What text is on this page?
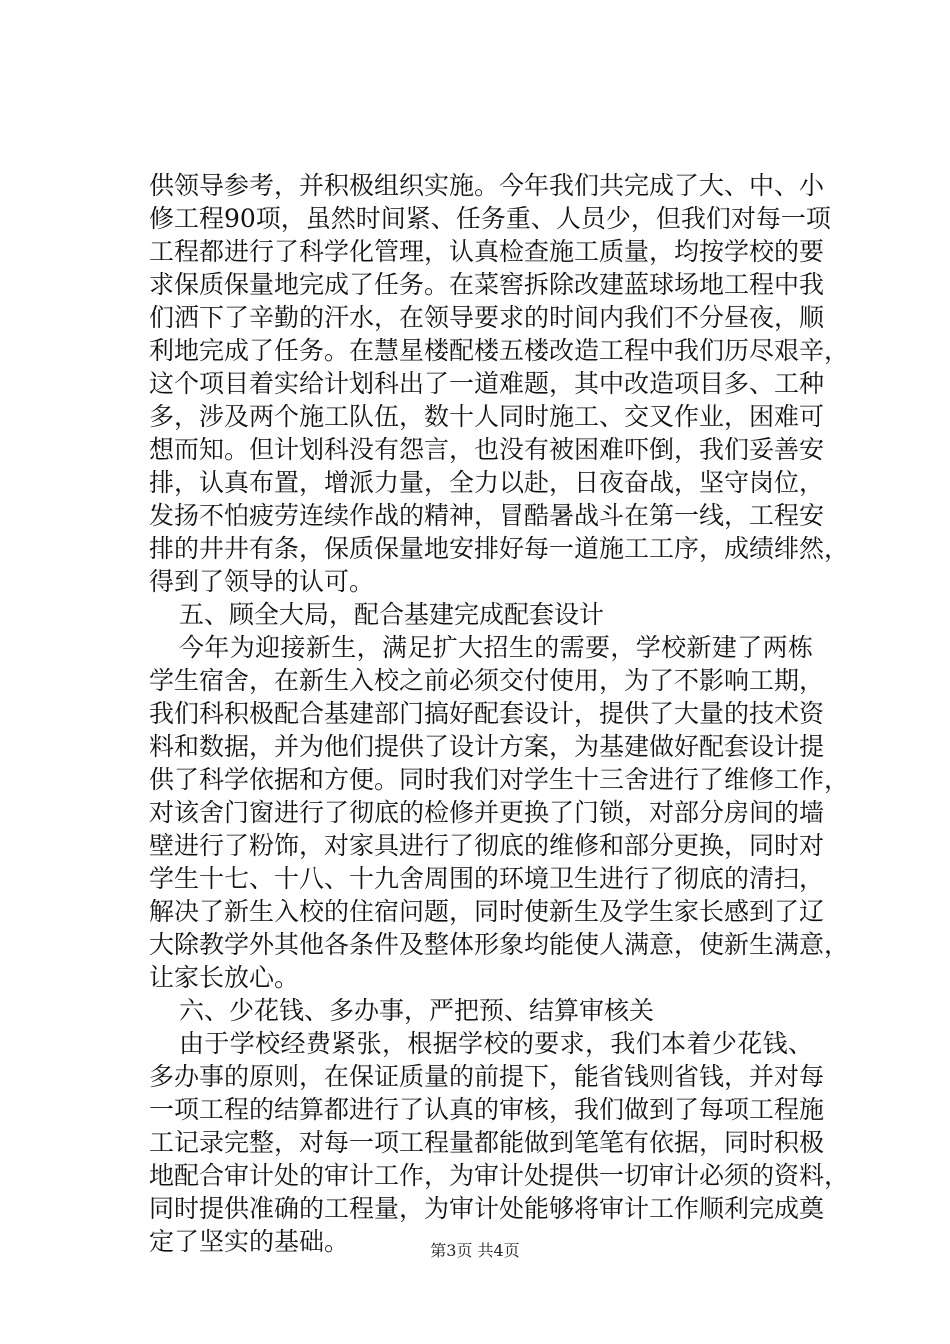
供领导参考，并积极组织实施。今年我们共完成了大、中、小
修工程90项，虽然时间紧、任务重、人员少，但我们对每一项
工程都进行了科学化管理，认真检查施工质量，均按学校的要
求保质保量地完成了任务。在菜窖拆除改建蓝球场地工程中我
们洒下了辛勤的汗水，在领导要求的时间内我们不分昼夜，顺
利地完成了任务。在慧星楼配楼五楼改造工程中我们历尽艰辛，
这个项目着实给计划科出了一道难题，其中改造项目多、工种
多，涉及两个施工队伍，数十人同时施工、交叉作业，困难可
想而知。但计划科没有怨言，也没有被困难吓倒，我们妥善安
排，认真布置，增派力量，全力以赴，日夜奋战，坚守岗位，
发扬不怕疲劳连续作战的精神，冒酷暑战斗在第一线，工程安
排的井井有条，保质保量地安排好每一道施工工序，成绩绯然，
得到了领导的认可。
五、顾全大局，配合基建完成配套设计
今年为迎接新生，满足扩大招生的需要，学校新建了两栋
学生宿舍，在新生入校之前必须交付使用，为了不影响工期，
我们科积极配合基建部门搞好配套设计，提供了大量的技术资
料和数据，并为他们提供了设计方案，为基建做好配套设计提
供了科学依据和方便。同时我们对学生十三舍进行了维修工作，
对该舍门窗进行了彻底的检修并更换了门锁，对部分房间的墙
壁进行了粉饰，对家具进行了彻底的维修和部分更换，同时对
学生十七、十八、十九舍周围的环境卫生进行了彻底的清扫，
解决了新生入校的住宿问题，同时使新生及学生家长感到了辽
大除教学外其他各条件及整体形象均能使人满意，使新生满意，
让家长放心。
六、少花钱、多办事，严把预、结算审核关
由于学校经费紧张，根据学校的要求，我们本着少花钱、
多办事的原则，在保证质量的前提下，能省钱则省钱，并对每
一项工程的结算都进行了认真的审核，我们做到了每项工程施
工记录完整，对每一项工程量都能做到笔笔有依据，同时积极
地配合审计处的审计工作，为审计处提供一切审计必须的资料，
同时提供准确的工程量，为审计处能够将审计工作顺利完成奠
定了坚实的基础。	第3页 共4页
